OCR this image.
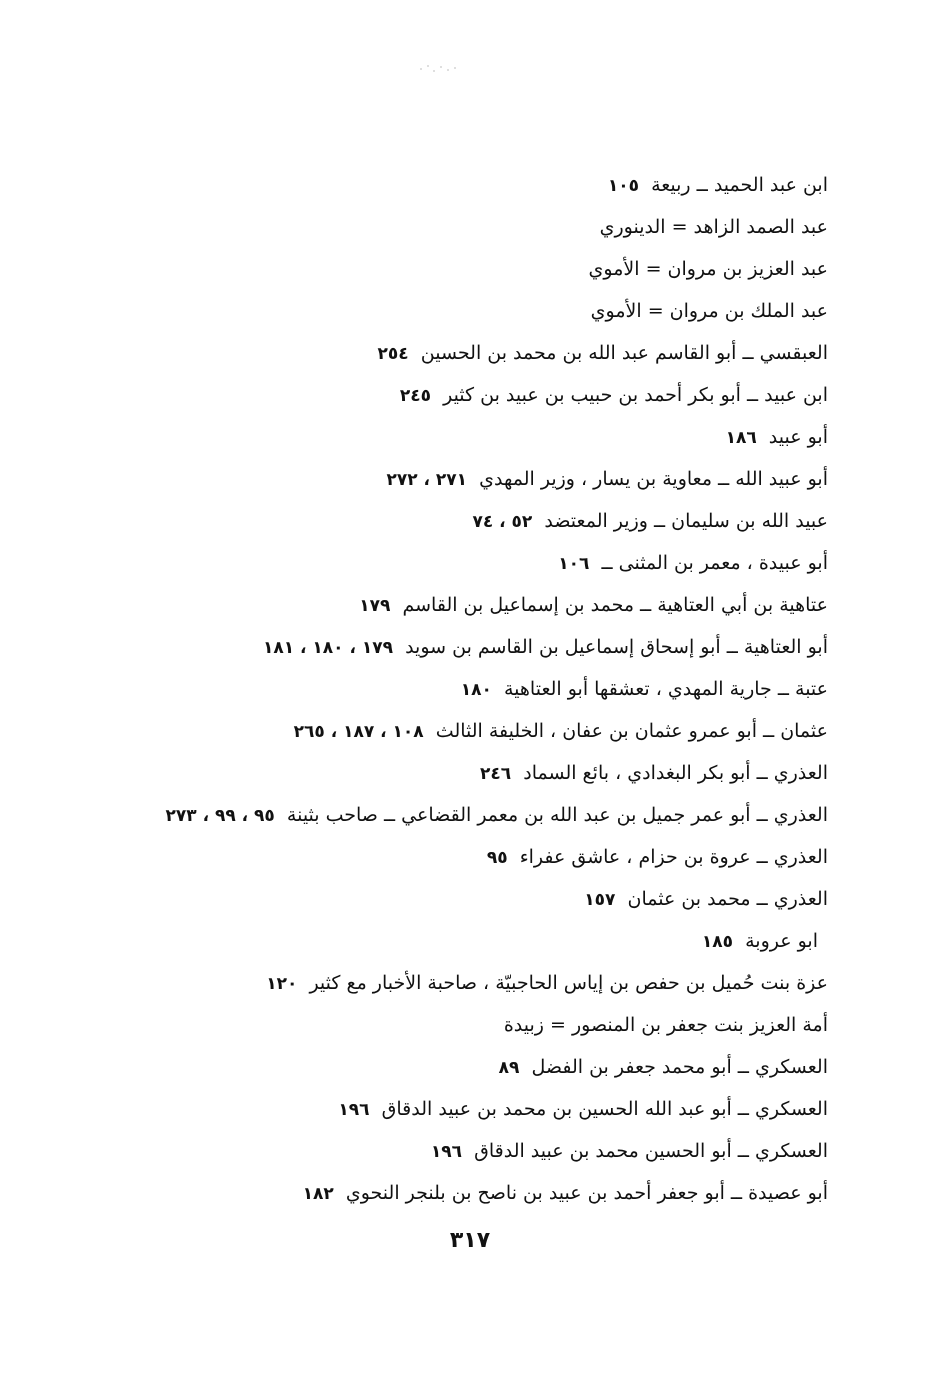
ابن عبد الحميد ــ ربيعة  ١٠٥
عبد الصمد الزاهد = الدينوري
عبد العزيز بن مروان = الأموي
عبد الملك بن مروان = الأموي
العبقسي ــ أبو القاسم عبد الله بن محمد بن الحسين  ٢٥٤
ابن عبيد ــ أبو بكر أحمد بن حبيب بن عبيد بن كثير  ٢٤٥
أبو عبيد  ١٨٦
أبو عبيد الله ــ معاوية بن يسار ، وزير المهدي  ٢٧١ ، ٢٧٢
عبيد الله بن سليمان ــ وزير المعتضد  ٥٢ ، ٧٤
أبو عبيدة ، معمر بن المثنى ــ  ١٠٦
عتاهية بن أبي العتاهية ــ محمد بن إسماعيل بن القاسم  ١٧٩
أبو العتاهية ــ أبو إسحاق إسماعيل بن القاسم بن سويد  ١٧٩ ، ١٨٠ ، ١٨١
عتبة ــ جارية المهدي ، تعشقها أبو العتاهية  ١٨٠
عثمان ــ أبو عمرو عثمان بن عفان ، الخليفة الثالث  ١٠٨ ، ١٨٧ ، ٢٦٥
العذري ــ أبو بكر البغدادي ، بائع السماد  ٢٤٦
العذري ــ أبو عمر جميل بن عبد الله بن معمر القضاعي ــ صاحب بثينة  ٩٥ ، ٩٩ ، ٢٧٣
العذري ــ عروة بن حزام ، عاشق عفراء  ٩٥
العذري ــ محمد بن عثمان  ١٥٧
ابو عروبة  ١٨٥
عزة بنت حُميل بن حفص بن إياس الحاجبيّة ، صاحبة الأخبار مع كثير  ١٢٠
أمة العزيز بنت جعفر بن المنصور = زبيدة
العسكري ــ أبو محمد جعفر بن الفضل  ٨٩
العسكري ــ أبو عبد الله الحسين بن محمد بن عبيد الدقاق  ١٩٦
العسكري ــ أبو الحسين محمد بن عبيد الدقاق  ١٩٦
أبو عصيدة ــ أبو جعفر أحمد بن عبيد بن ناصح بن بلنجر النحوي  ١٨٢
٣١٧
